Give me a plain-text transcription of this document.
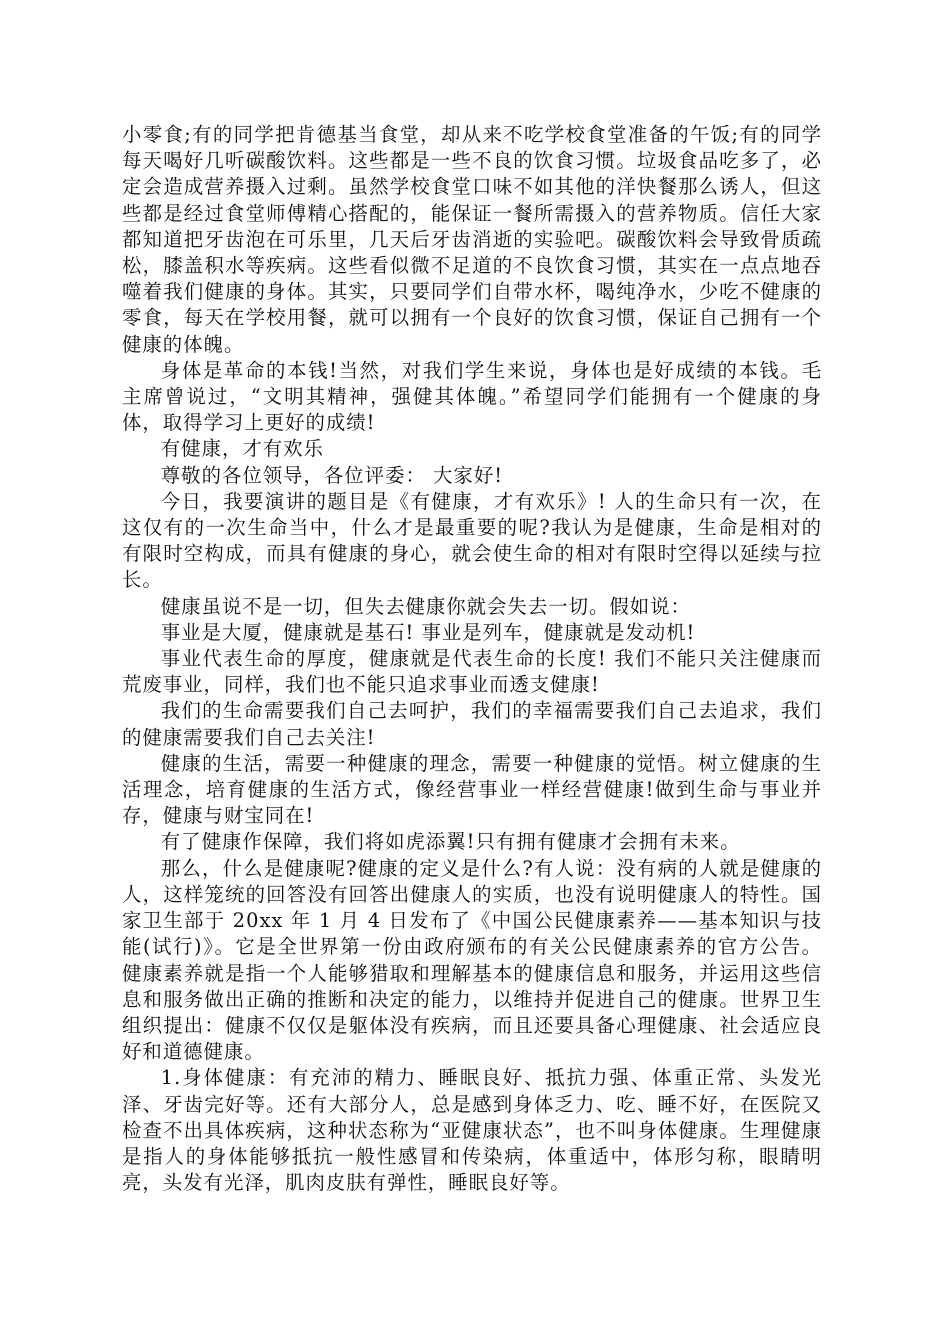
小零食;有的同学把肯德基当食堂，却从来不吃学校食堂准备的午饭;有的同学每天喝好几听碳酸饮料。这些都是一些不良的饮食习惯。垃圾食品吃多了，必定会造成营养摄入过剩。虽然学校食堂口味不如其他的洋快餐那么诱人，但这些都是经过食堂师傅精心搭配的，能保证一餐所需摄入的营养物质。信任大家都知道把牙齿泡在可乐里，几天后牙齿消逝的实验吧。碳酸饮料会导致骨质疏松，膝盖积水等疾病。这些看似微不足道的不良饮食习惯，其实在一点点地吞噬着我们健康的身体。其实，只要同学们自带水杯，喝纯净水，少吃不健康的零食，每天在学校用餐，就可以拥有一个良好的饮食习惯，保证自己拥有一个健康的体魄。

身体是革命的本钱!当然，对我们学生来说，身体也是好成绩的本钱。毛主席曾说过，“文明其精神，强健其体魄。”希望同学们能拥有一个健康的身体，取得学习上更好的成绩!

有健康，才有欢乐

尊敬的各位领导，各位评委： 大家好!

今日，我要演讲的题目是《有健康，才有欢乐》! 人的生命只有一次，在这仅有的一次生命当中，什么才是最重要的呢?我认为是健康，生命是相对的有限时空构成，而具有健康的身心，就会使生命的相对有限时空得以延续与拉长。

健康虽说不是一切，但失去健康你就会失去一切。假如说：

事业是大厦，健康就是基石! 事业是列车，健康就是发动机!

事业代表生命的厚度，健康就是代表生命的长度! 我们不能只关注健康而荒废事业，同样，我们也不能只追求事业而透支健康!

我们的生命需要我们自己去呵护，我们的幸福需要我们自己去追求，我们的健康需要我们自己去关注!

健康的生活，需要一种健康的理念，需要一种健康的觉悟。树立健康的生活理念，培育健康的生活方式，像经营事业一样经营健康!做到生命与事业并存，健康与财宝同在!

有了健康作保障，我们将如虎添翼!只有拥有健康才会拥有未来。

那么，什么是健康呢?健康的定义是什么?有人说：没有病的人就是健康的人，这样笼统的回答没有回答出健康人的实质，也没有说明健康人的特性。国家卫生部于 20xx 年 1 月 4 日发布了《中国公民健康素养——基本知识与技能(试行)》。它是全世界第一份由政府颁布的有关公民健康素养的官方公告。健康素养就是指一个人能够猎取和理解基本的健康信息和服务，并运用这些信息和服务做出正确的推断和决定的能力，以维持并促进自己的健康。世界卫生组织提出：健康不仅仅是躯体没有疾病，而且还要具备心理健康、社会适应良好和道德健康。

1.身体健康：有充沛的精力、睡眠良好、抵抗力强、体重正常、头发光泽、牙齿完好等。还有大部分人，总是感到身体乏力、吃、睡不好，在医院又检查不出具体疾病，这种状态称为“亚健康状态”，也不叫身体健康。生理健康是指人的身体能够抵抗一般性感冒和传染病，体重适中，体形匀称，眼睛明亮，头发有光泽，肌肉皮肤有弹性，睡眠良好等。
